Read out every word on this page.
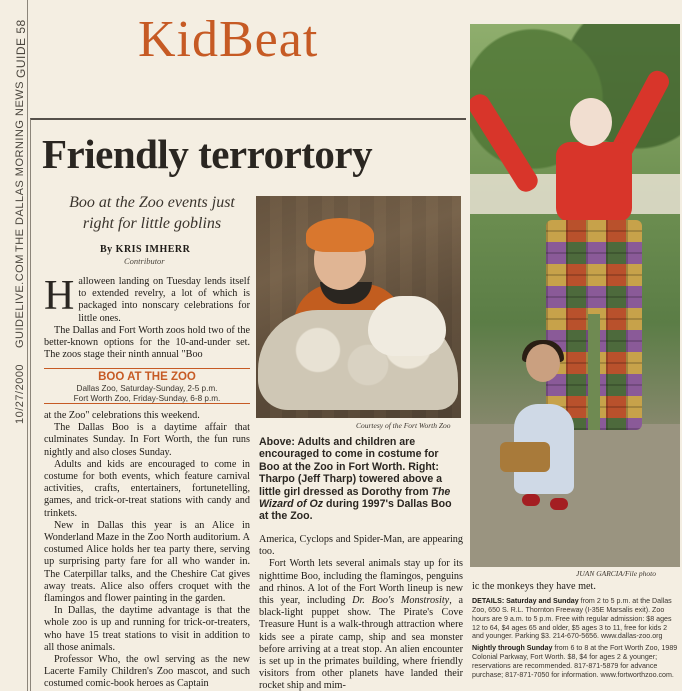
GUIDE 58
THE DALLAS MORNING NEWS
GUIDELIVE.COM
10/27/2000
KidBeat
Friendly terrortory
Boo at the Zoo events just right for little goblins
By KRIS IMHERR
Contributor

Halloween landing on Tuesday lends itself to extended revelry, a lot of which is packaged into nonscary celebrations for little ones.

The Dallas and Fort Worth zoos hold two of the better-known options for the 10-and-under set. The zoos stage their ninth annual "Boo

BOO AT THE ZOO
Dallas Zoo, Saturday-Sunday, 2-5 p.m.
Fort Worth Zoo, Friday-Sunday, 6-8 p.m.

at the Zoo" celebrations this weekend.

The Dallas Boo is a daytime affair that culminates Sunday. In Fort Worth, the fun runs nightly and also closes Sunday.

Adults and kids are encouraged to come in costume for both events, which feature carnival activities, crafts, entertainers, fortunetelling, games, and trick-or-treat stations with candy and trinkets.

New in Dallas this year is an Alice in Wonderland Maze in the Zoo North auditorium. A costumed Alice holds her tea party there, serving up surprising party fare for all who wander in. The Caterpillar talks, and the Cheshire Cat gives away treats. Alice also offers croquet with the flamingos and flower painting in the garden.

In Dallas, the daytime advantage is that the whole zoo is up and running for trick-or-treaters, who have 15 treat stations to visit in addition to all those animals.

Professor Who, the owl serving as the new Lacerte Family Children's Zoo mascot, and such costumed comic-book heroes as Captain

Courtesy of the Fort Worth Zoo
Above: Adults and children are encouraged to come in costume for Boo at the Zoo in Fort Worth. Right: Tharpo (Jeff Tharp) towered above a little girl dressed as Dorothy from The Wizard of Oz during 1997's Dallas Boo at the Zoo.

America, Cyclops and Spider-Man, are appearing too.

Fort Worth lets several animals stay up for its nighttime Boo, including the flamingos, penguins and rhinos. A lot of the Fort Worth lineup is new this year, including Dr. Boo's Monstrosity, a black-light puppet show. The Pirate's Cove Treasure Hunt is a walk-through attraction where kids see a pirate camp, ship and sea monster before arriving at a treat stop. An alien encounter is set up in the primates building, where friendly visitors from other planets have landed their rocket ship and mim-

JUAN GARCIA/File photo
ic the monkeys they have met.

DETAILS: Saturday and Sunday from 2 to 5 p.m. at the Dallas Zoo, 650 S. R.L. Thornton Freeway (I-35E Marsalis exit). Zoo hours are 9 a.m. to 5 p.m. Free with regular admission: $8 ages 12 to 64, $4 ages 65 and older, $5 ages 3 to 11, free for kids 2 and younger. Parking $3. 214-670-5656. www.dallas-zoo.org

Nightly through Sunday from 6 to 8 at the Fort Worth Zoo, 1989 Colonial Parkway, Fort Worth. $8, $4 for ages 2 & younger; reservations are recommended. 817-871-5879 for advance purchase; 817-871-7050 for information. www.fortworthzoo.com.
